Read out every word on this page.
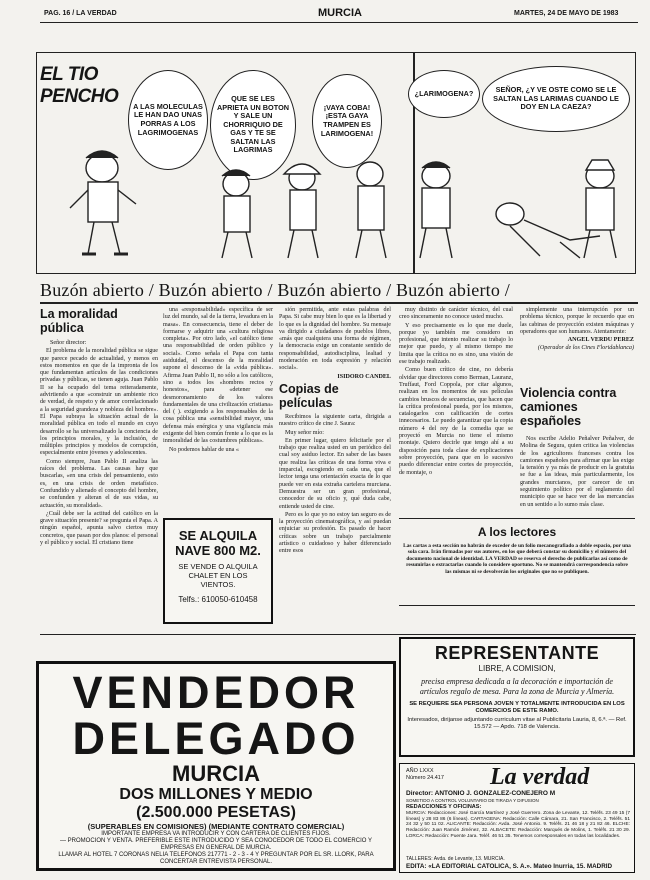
PAG. 16 / LA VERDAD	MURCIA	MARTES, 24 DE MAYO DE 1983
EL TIO
PENCHO	A LAS MOLECULAS LE HAN DAO UNAS PORRAS A LOS LAGRIMOGENAS
QUE SE LES APRIETA UN BOTON Y SALE UN CHORRIQUIO DE GAS Y TE SE SALTAN LAS LAGRIMAS
¡VAYA COBA! ¡ESTA GAYA TRAMPEN ES LARIMOGENA!
¿LARIMOGENA?	SEÑOR, ¿Y VE OSTE COMO SE LE SALTAN LAS LARIMAS CUANDO LE DOY EN LA CAEZA?
Buzón abierto / Buzón abierto / Buzón abierto / Buzón abierto /
La moralidad pública

Señor director:

El problema de la moralidad pública se sigue que parece pecado de actualidad, y menos en estos momentos en que de la impronta de los que fundamentan artículos de las condiciones privadas y públicas, se tienen aguja. Juan Pablo II se ha ocupado del tema reiteradamente, advirtiendo a que «construir un ambiente rico de verdad, de respeto y de amor correlacionado a la seguridad grandeza y nobleza del hombre». El Papa subraya la situación actual de la moralidad pública en todo el mundo en cuyo desarrollo se ha universalizado la conciencia de los principios morales, y la inclusión, de múltiples principios y modelos de corrupción, especialmente entre jóvenes y adolescentes.

Como siempre, Juan Pablo II analiza las raíces del problema. Las causas hay que buscarlas, «en una crisis del pensamiento, esto es, en una crisis de orden metafísico. Confundido y alienado el concepto del hombre, se confunden y alteran el de sus vidas, su actuación, su moralidad».

¿Cuál debe ser la actitud del católico en la grave situación presente? se pregunta el Papa. A ningún español, apunta salvo ciertos muy concretos, que pasan por dos planos: el personal y el público y social. El cristiano tiene

una «responsabilidad» específica de ser luz del mundo, sal de la tierra, levadura en la masa». En consecuencia, tiene el deber de formarse y adquirir una «cultura religiosa completa». Por otro lado, «el católico tiene una responsabilidad de orden público y social». Como señala el Papa con tanta asiduidad, el descenso de la moralidad supone el descenso de la «vida pública». Afirma Juan Pablo II, no sólo a los católicos, sino a todos los «hombres rectos y honestos», para «detener ese desmoronamiento de los valores fundamentales de una civilización cristiana» del ( ). exigiendo a los responsables de la cosa pública una «sensibilidad mayor, una defensa más enérgica y una vigilancia más exigente del bien común frente a lo que es la inmoralidad de las costumbres públicas».

No podemos hablar de una «

SE ALQUILA
NAVE 800 M2.
SE VENDE O ALQUILA CHALET EN LOS VIENTOS.
Telfs.: 610050-610458

sión permitida, ante estas palabras del Papa. Si cabe muy bien lo que es la libertad y lo que es la dignidad del hombre. Su mensaje va dirigido a ciudadanos de pueblos libres, «más que cualquiera una forma de régimen, la democracia exige un constante sentido de responsabilidad, autodisciplina, lealtad y moderación en toda expresión y relación social».

ISIDORO CANDEL

Copias de películas

Recibimos la siguiente carta, dirigida a nuestro crítico de cine J. Saura:

Muy señor mío:

En primer lugar, quiero felicitarle por el trabajo que realiza usted en un periódico del cual soy asiduo lector. En saber de las bases que realiza las críticas de una forma viva e imparcial, escogiendo en cada una, que el lector tenga una orientación exacta de lo que puede ver en esta extraña cartelera murciana. Demuestra ser un gran profesional, conocedor de su oficio y, qué duda cabe, entiende usted de cine.

Pero es lo que yo no estoy tan seguro es de la proyección cinematográfica, y así puedan enjuiciar su profesión. Es pasado de hacer críticas sobre un trabajo parcialmente artístico o cuidadoso y haber diferenciado entre esos

muy distinto de carácter técnico, del cual creo sinceramente no conoce usted mucho.

Y eso precisamente es lo que me duele, porque yo también me considero un profesional, que intento realizar su trabajo lo mejor que puedo, y al mismo tiempo me limita que la crítica no es sino, una visión de ese trabajo realizado.

Como buen crítico de cine, no debería olvidar que directores como Berman, Lauranz, Truffaut, Ford Coppola, por citar algunos, realizan en los momentos de sus películas cambios bruscos de secuencias, que hacen que la crítica profesional pueda, por los mismos, catalogarlos con calificación de cortes innecesarios. Le puedo garantizar que la copia número 4 del rey de la comedia que se proyectó en Murcia no tiene el mismo montaje. Quiero decirle que tengo ahí a su disposición para toda clase de explicaciones sobre proyección, para que en lo sucesivo puedo diferenciar entre cortes de proyección, de montaje, o

simplemente una interrupción por un problema técnico, porque le recuerdo que en las cabinas de proyección existen máquinas y operadores que son humanos. Atentamente:

ANGEL VERDU PEREZ

(Operador de los Cines Floridablanca)

Violencia contra camiones españoles

Nos escribe Adelio Peñalver Peñalver, de Molina de Segura, quien critica las violencias de los agricultores franceses contra los camiones españoles para afirmar que las exige la tensión y ya más de producir en la gratuita se fue a las ideas, más particularmente, los grandes murcianos, por carecer de un seguimiento político por el reglamento del municipio que se hace ver de las mercancías en un sentido a lo sumo más clase.

A los lectores
Las cartas a esta sección no habrán de exceder de un folio mecanografiado a doble espacio, por una sola cara. Irán firmadas por sus autores, en los que deberá constar su domicilio y el número del documento nacional de identidad. LA VERDAD se reserva el derecho de publicarlas así como de resumirlas o extractarlas cuando lo considere oportuno. No se mantendrá correspondencia sobre las mismas ni se devolverán los originales que no se publiquen.
VENDEDOR
DELEGADO
MURCIA
DOS MILLONES Y MEDIO
(2.500.000 PESETAS)
(SUPERABLES EN COMISIONES) (MEDIANTE CONTRATO COMERCIAL)
IMPORTANTE EMPRESA VA INTRODUCIR Y CON CARTERA DE CLIENTES FIJOS.
— PROMOCION Y VENTA. PREFERIBLE ESTE INTRODUCIDO Y SEA CONOCEDOR DE TODO EL COMERCIO Y EMPRESAS EN GENERAL DE MURCIA.
LLAMAR AL HOTEL 7 CORONAS NELIA TELEFONOS 217771 - 2 - 3 - 4 Y PREGUNTAR POR EL SR. LLORK, PARA CONCERTAR ENTREVISTA PERSONAL.
REPRESENTANTE
LIBRE, A COMISION,
precisa empresa dedicada a la decoración e importación de artículos regalo de mesa. Para la zona de Murcia y Almería.
SE REQUIERE SEA PERSONA JOVEN Y TOTALMENTE INTRODUCIDA EN LOS COMERCIOS DE ESTE RAMO.
Interesados, dirijanse adjuntando curriculum vitae al Publicitaria Lauria, 8, 6.ª. — Ref. 15.572 — Apdo. 718 de Valencia.
AÑO LXXX
Número 24.417 La verdad
Director: ANTONIO J. GONZALEZ-CONEJERO M
SOMETIDO A CONTROL VOLUNTARIO DE TIRADA Y DIFUSION
REDACCIONES Y OFICINAS:
MURCIA: Redacciones: José García Martínez y José Guerrero. Zona de Levante, 12. Teléfs. 23 49 15 (7 líneas) y 28 83 86 (6 líneas). CARTAGENA: Redacción: Calle Cámara, 21. San Francisco, 2. Teléfs. 51 24 32 y 50 11 02. ALICANTE: Redacción: Avda. José Antonio. 9. Teléfs. 21 46 18 y 21 82 46. ELCHE: Redacción: Juan Ramón Jiménez, 32. ALBACETE: Redacción: Marqués de Molins, 1. Teléfs. 21 30 29. LORCA: Redacción: Puente Jara. Teléf. 46 51 35. Tenemos corresponsales en todas las localidades.
TALLERES: Avda. de Levante, 13. MURCIA.
EDITA: «LA EDITORIAL CATOLICA, S. A.». Mateo Inurria, 15. MADRID
